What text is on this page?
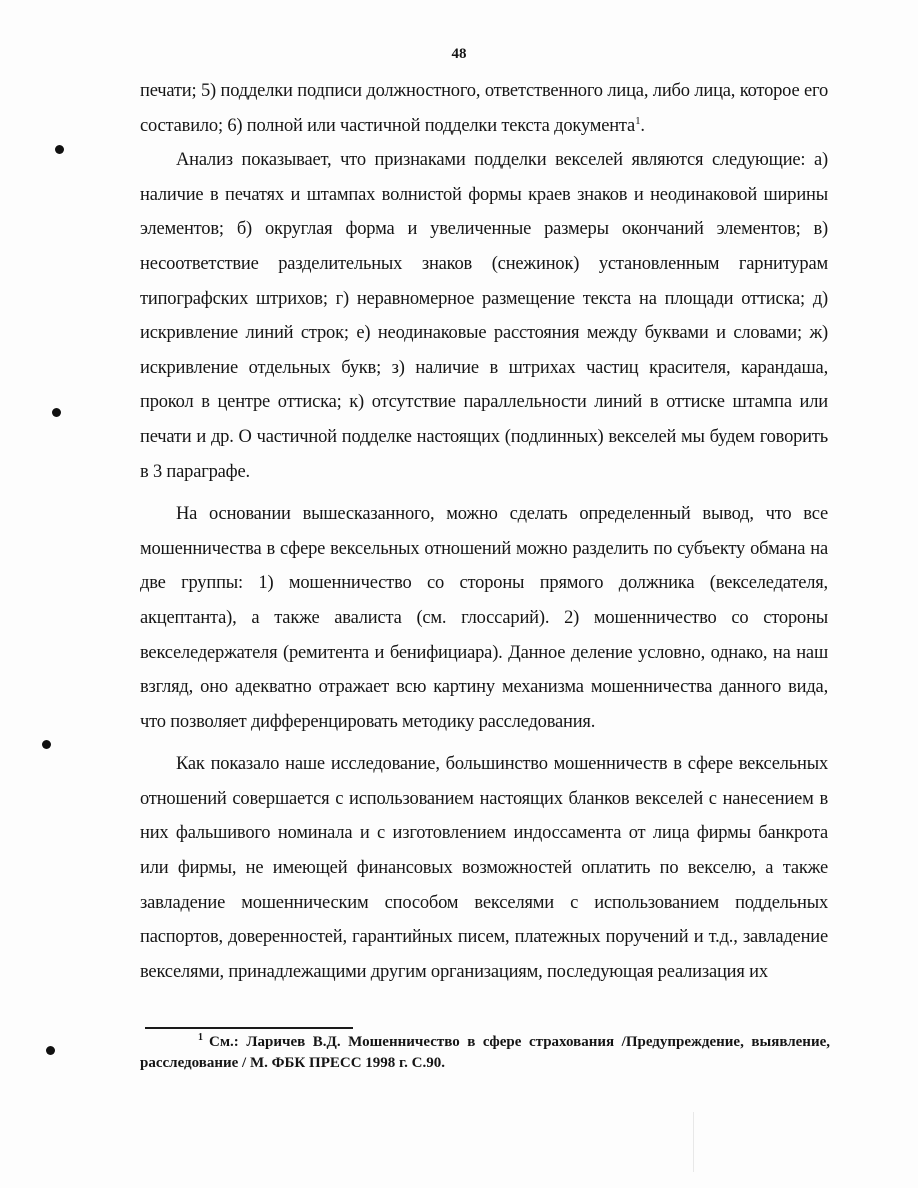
48

печати; 5) подделки подписи должностного, ответственного лица, либо лица, которое его составило; 6) полной или частичной подделки текста документа$^1$.

Анализ показывает, что признаками подделки векселей являются следующие: а) наличие в печатях и штампах волнистой формы краев знаков и неодинаковой ширины элементов; б) округлая форма и увеличенные размеры окончаний элементов; в) несоответствие разделительных знаков (снежинок) установленным гарнитурам типографских штрихов; г) неравномерное размещение текста на площади оттиска; д) искривление линий строк; е) неодинаковые расстояния между буквами и словами; ж) искривление отдельных букв; з) наличие в штрихах частиц красителя, карандаша, прокол в центре оттиска; к) отсутствие параллельности линий в оттиске штампа или печати и др. О частичной подделке настоящих (подлинных) векселей мы будем говорить в 3 параграфе.

На основании вышесказанного, можно сделать определенный вывод, что все мошенничества в сфере вексельных отношений можно разделить по субъекту обмана на две группы: 1) мошенничество со стороны прямого должника (векселедателя, акцептанта), а также авалиста (см. глоссарий). 2) мошенничество со стороны векселедержателя (ремитента и бенифициара). Данное деление условно, однако, на наш взгляд, оно адекватно отражает всю картину механизма мошенничества данного вида, что позволяет дифференцировать методику расследования.

Как показало наше исследование, большинство мошенничеств в сфере вексельных отношений совершается с использованием настоящих бланков векселей с нанесением в них фальшивого номинала и с изготовлением индоссамента от лица фирмы банкрота или фирмы, не имеющей финансовых возможностей оплатить по векселю, а также завладение мошенническим способом векселями с использованием поддельных паспортов, доверенностей, гарантийных писем, платежных поручений и т.д., завладение векселями, принадлежащими другим организациям, последующая реализация их

$^1$ См.: Ларичев В.Д. Мошенничество в сфере страхования /Предупреждение, выявление, расследование / М. ФБК ПРЕСС 1998 г. С.90.
